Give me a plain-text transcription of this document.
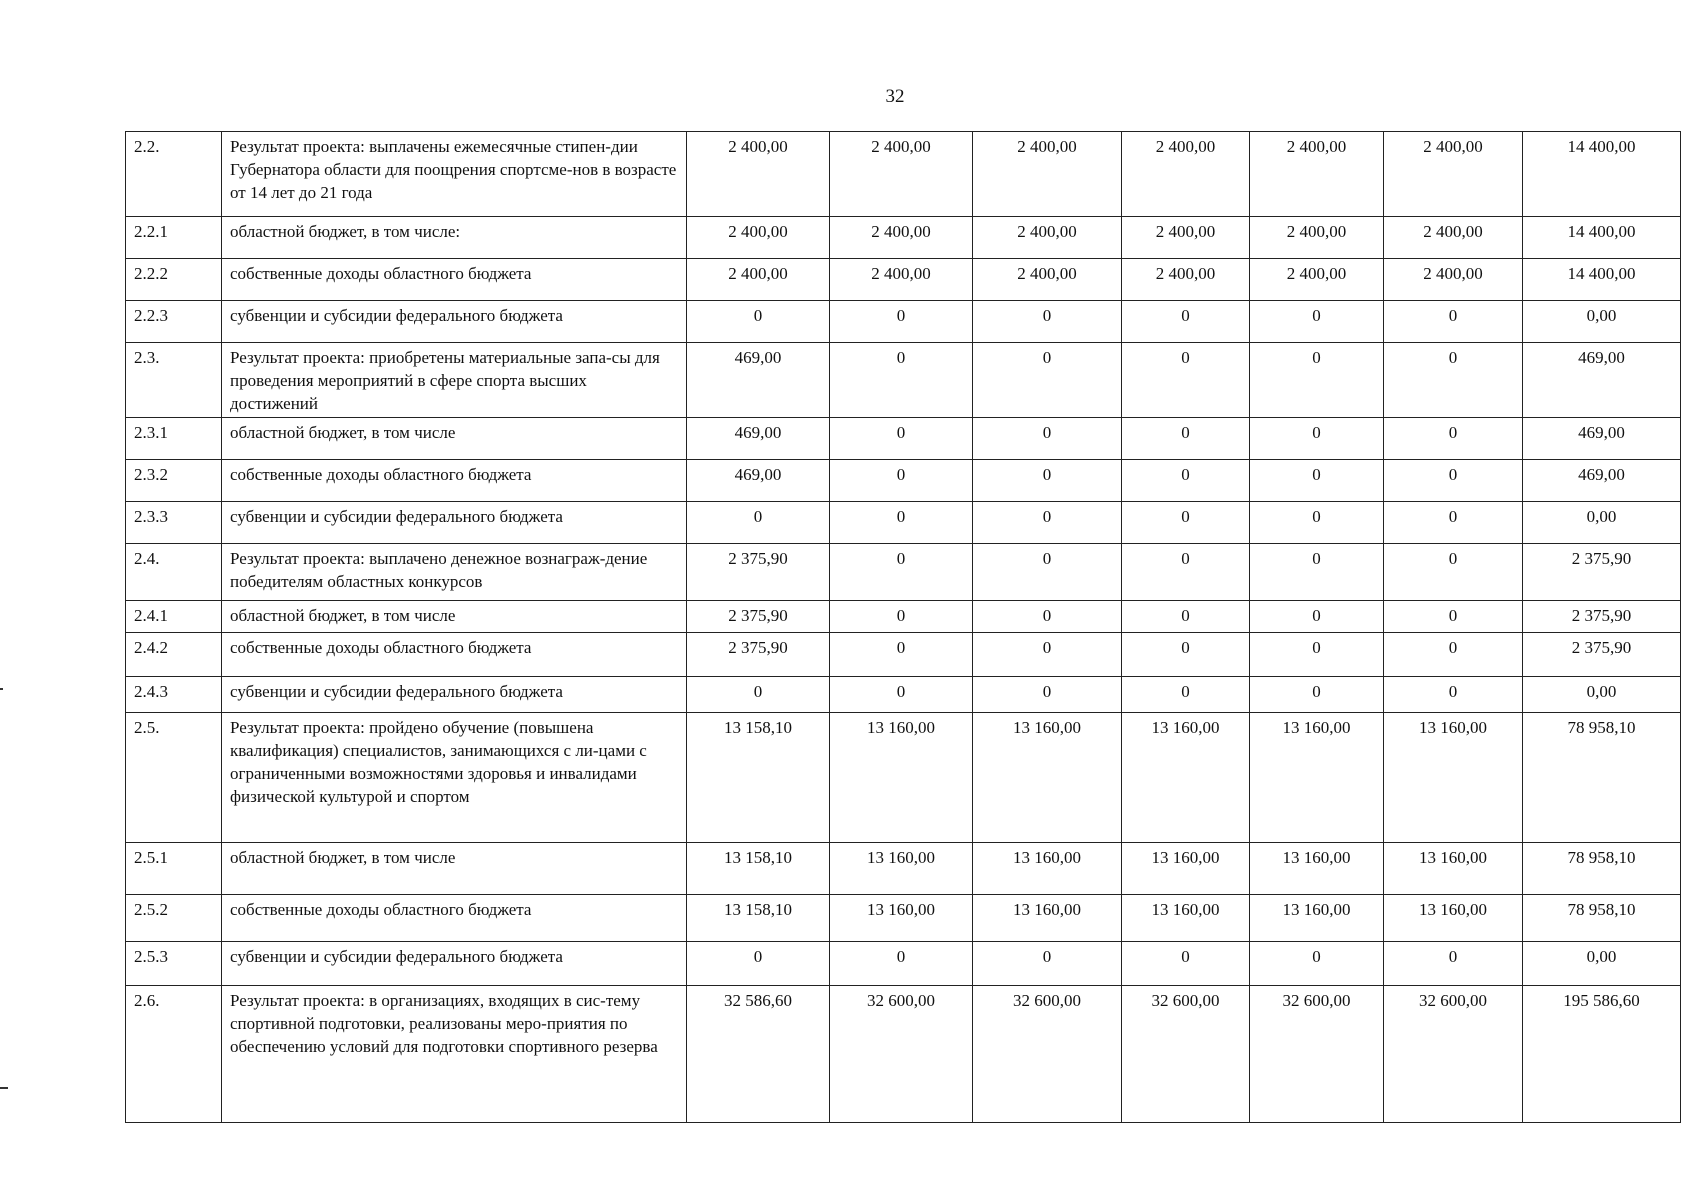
32
2.2.	Результат проекта: выплачены ежемесячные стипен-дии Губернатора области для поощрения спортсме-нов в возрасте от 14 лет до 21 года	2 400,00	2 400,00	2 400,00	2 400,00	2 400,00	2 400,00	14 400,00
2.2.1	областной бюджет, в том числе:	2 400,00	2 400,00	2 400,00	2 400,00	2 400,00	2 400,00	14 400,00
2.2.2	собственные доходы областного бюджета	2 400,00	2 400,00	2 400,00	2 400,00	2 400,00	2 400,00	14 400,00
2.2.3	субвенции и субсидии федерального бюджета	0	0	0	0	0	0	0,00
2.3.	Результат проекта: приобретены материальные запа-сы для проведения мероприятий в сфере спорта высших достижений	469,00	0	0	0	0	0	469,00
2.3.1	областной бюджет, в том числе	469,00	0	0	0	0	0	469,00
2.3.2	собственные доходы областного бюджета	469,00	0	0	0	0	0	469,00
2.3.3	субвенции и субсидии федерального бюджета	0	0	0	0	0	0	0,00
2.4.	Результат проекта: выплачено денежное вознаграж-дение победителям областных конкурсов	2 375,90	0	0	0	0	0	2 375,90
2.4.1	областной бюджет, в том числе	2 375,90	0	0	0	0	0	2 375,90
2.4.2	собственные доходы областного бюджета	2 375,90	0	0	0	0	0	2 375,90
2.4.3	субвенции и субсидии федерального бюджета	0	0	0	0	0	0	0,00
2.5.	Результат проекта: пройдено обучение (повышена квалификация) специалистов, занимающихся с ли-цами с ограниченными возможностями здоровья и инвалидами физической культурой и спортом	13 158,10	13 160,00	13 160,00	13 160,00	13 160,00	13 160,00	78 958,10
2.5.1	областной бюджет, в том числе	13 158,10	13 160,00	13 160,00	13 160,00	13 160,00	13 160,00	78 958,10
2.5.2	собственные доходы областного бюджета	13 158,10	13 160,00	13 160,00	13 160,00	13 160,00	13 160,00	78 958,10
2.5.3	субвенции и субсидии федерального бюджета	0	0	0	0	0	0	0,00
2.6.	Результат проекта: в организациях, входящих в сис-тему спортивной подготовки, реализованы меро-приятия по обеспечению условий для подготовки спортивного резерва	32 586,60	32 600,00	32 600,00	32 600,00	32 600,00	32 600,00	195 586,60
